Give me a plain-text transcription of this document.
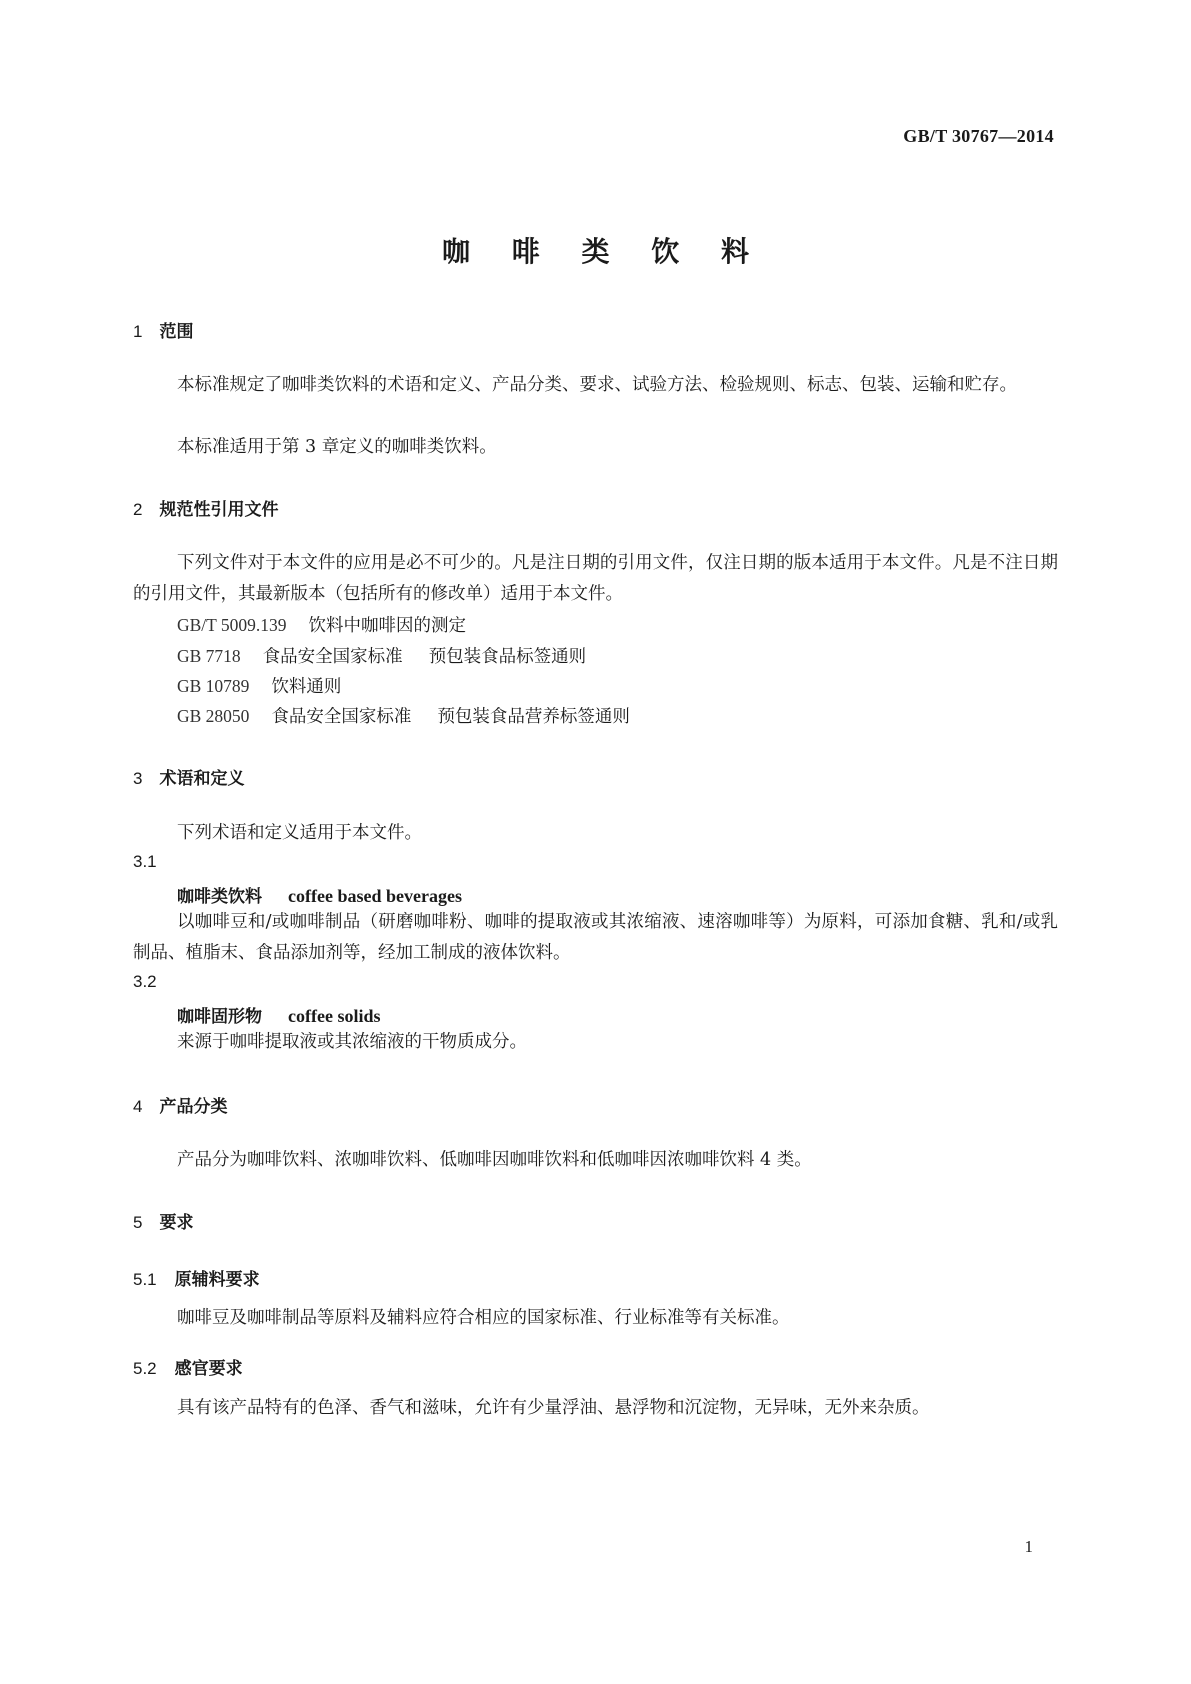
GB/T 30767—2014
咖 啡 类 饮 料
1 范围
本标准规定了咖啡类饮料的术语和定义、产品分类、要求、试验方法、检验规则、标志、包装、运输和贮存。
本标准适用于第 3 章定义的咖啡类饮料。
2 规范性引用文件
下列文件对于本文件的应用是必不可少的。凡是注日期的引用文件，仅注日期的版本适用于本文件。凡是不注日期的引用文件，其最新版本（包括所有的修改单）适用于本文件。
GB/T 5009.139 饮料中咖啡因的测定
GB 7718 食品安全国家标准 预包装食品标签通则
GB 10789 饮料通则
GB 28050 食品安全国家标准 预包装食品营养标签通则
3 术语和定义
下列术语和定义适用于本文件。
3.1
咖啡类饮料 coffee based beverages
以咖啡豆和/或咖啡制品（研磨咖啡粉、咖啡的提取液或其浓缩液、速溶咖啡等）为原料，可添加食糖、乳和/或乳制品、植脂末、食品添加剂等，经加工制成的液体饮料。
3.2
咖啡固形物 coffee solids
来源于咖啡提取液或其浓缩液的干物质成分。
4 产品分类
产品分为咖啡饮料、浓咖啡饮料、低咖啡因咖啡饮料和低咖啡因浓咖啡饮料 4 类。
5 要求
5.1 原辅料要求
咖啡豆及咖啡制品等原料及辅料应符合相应的国家标准、行业标准等有关标准。
5.2 感官要求
具有该产品特有的色泽、香气和滋味，允许有少量浮油、悬浮物和沉淀物，无异味，无外来杂质。
1
